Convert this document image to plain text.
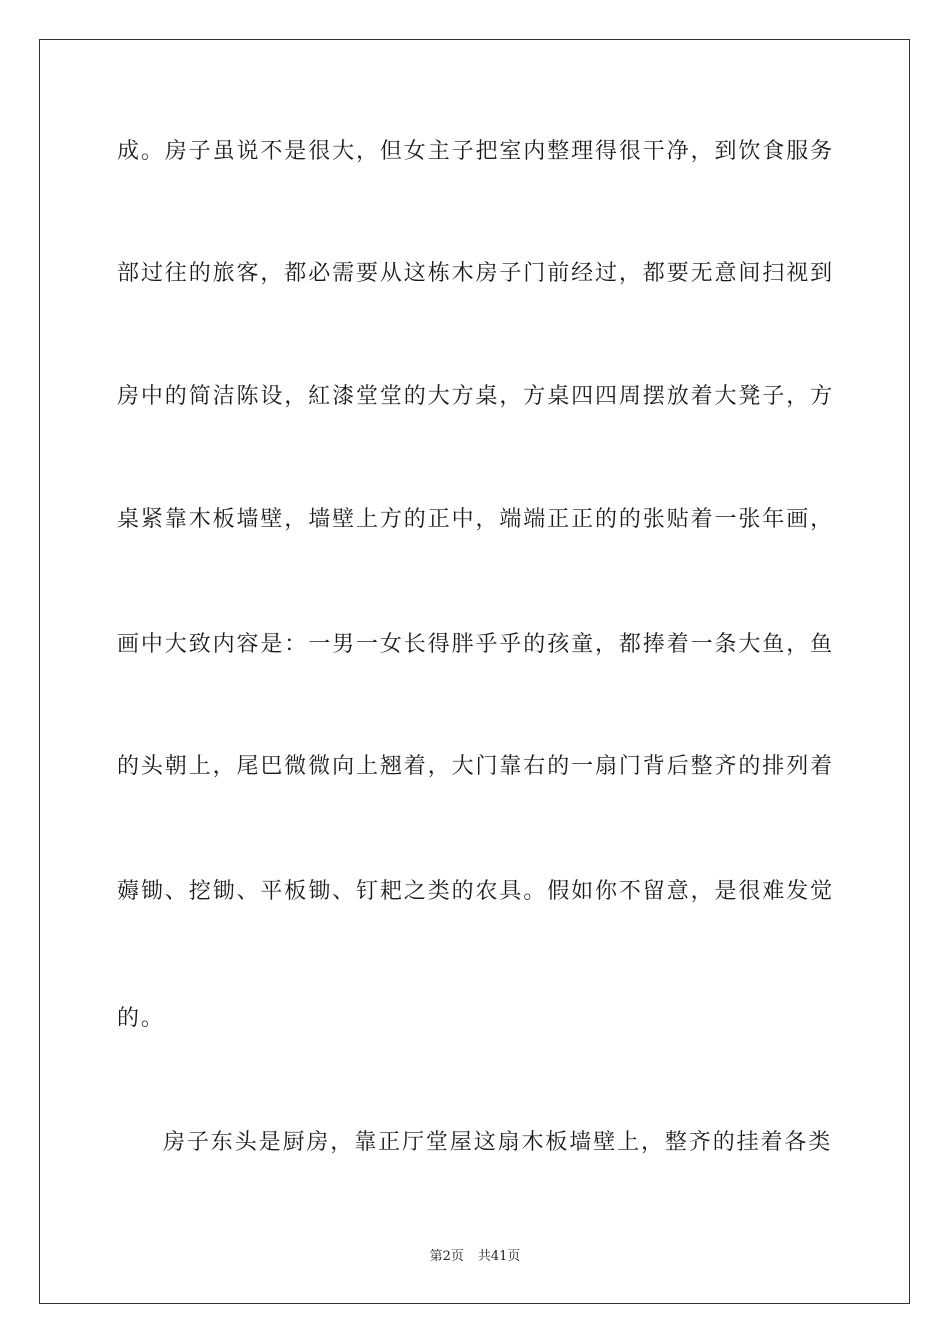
成。房子虽说不是很大，但女主子把室内整理得很干净，到饮食服务
部过往的旅客，都必需要从这栋木房子门前经过，都要无意间扫视到
房中的简洁陈设，紅漆堂堂的大方桌，方桌四四周摆放着大凳子，方
桌紧靠木板墙壁，墙壁上方的正中，端端正正的的张贴着一张年画，
画中大致内容是：一男一女长得胖乎乎的孩童，都捧着一条大鱼，鱼
的头朝上，尾巴微微向上翘着，大门靠右的一扇门背后整齐的排列着
薅锄、挖锄、平板锄、钉耙之类的农具。假如你不留意，是很难发觉
的。
房子东头是厨房，靠正厅堂屋这扇木板墙壁上，整齐的挂着各类
第2页 共41页
